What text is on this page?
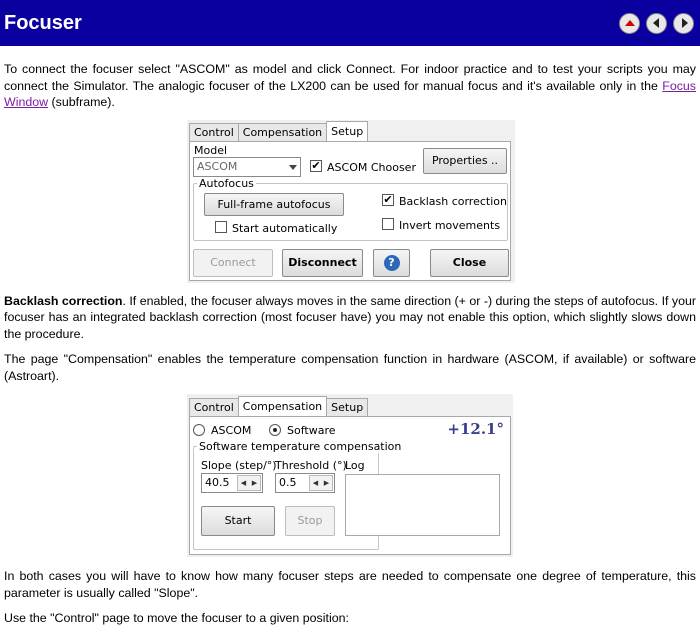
Focuser

To connect the focuser select "ASCOM" as model and click Connect. For indoor practice and to test your scripts you may connect the Simulator. The analogic focuser of the LX200 can be used for manual focus and it's available only in the Focus Window (subframe).

Control Compensation Setup
Model
ASCOM	✔ ASCOM Chooser
Properties ..
Autofocus
Full-frame autofocus
Start automatically
✔ Backlash correction
Invert movements
Connect	Disconnect	?	Close

Backlash correction. If enabled, the focuser always moves in the same direction (+ or -) during the steps of autofocus. If your focuser has an integrated backlash correction (most focuser have) you may not enable this option, which slightly slows down the procedure.

The page "Compensation" enables the temperature compensation function in hardware (ASCOM, if available) or software (Astroart).

Control Compensation Setup
ASCOM	Software	+12.1°
Software temperature compensation
Slope (step/°)
40.5	◀ ▶
Threshold (°)
0.5	◀ ▶
Log
Start	Stop

In both cases you will have to know how many focuser steps are needed to compensate one degree of temperature, this parameter is usually called "Slope".

Use the "Control" page to move the focuser to a given position:
